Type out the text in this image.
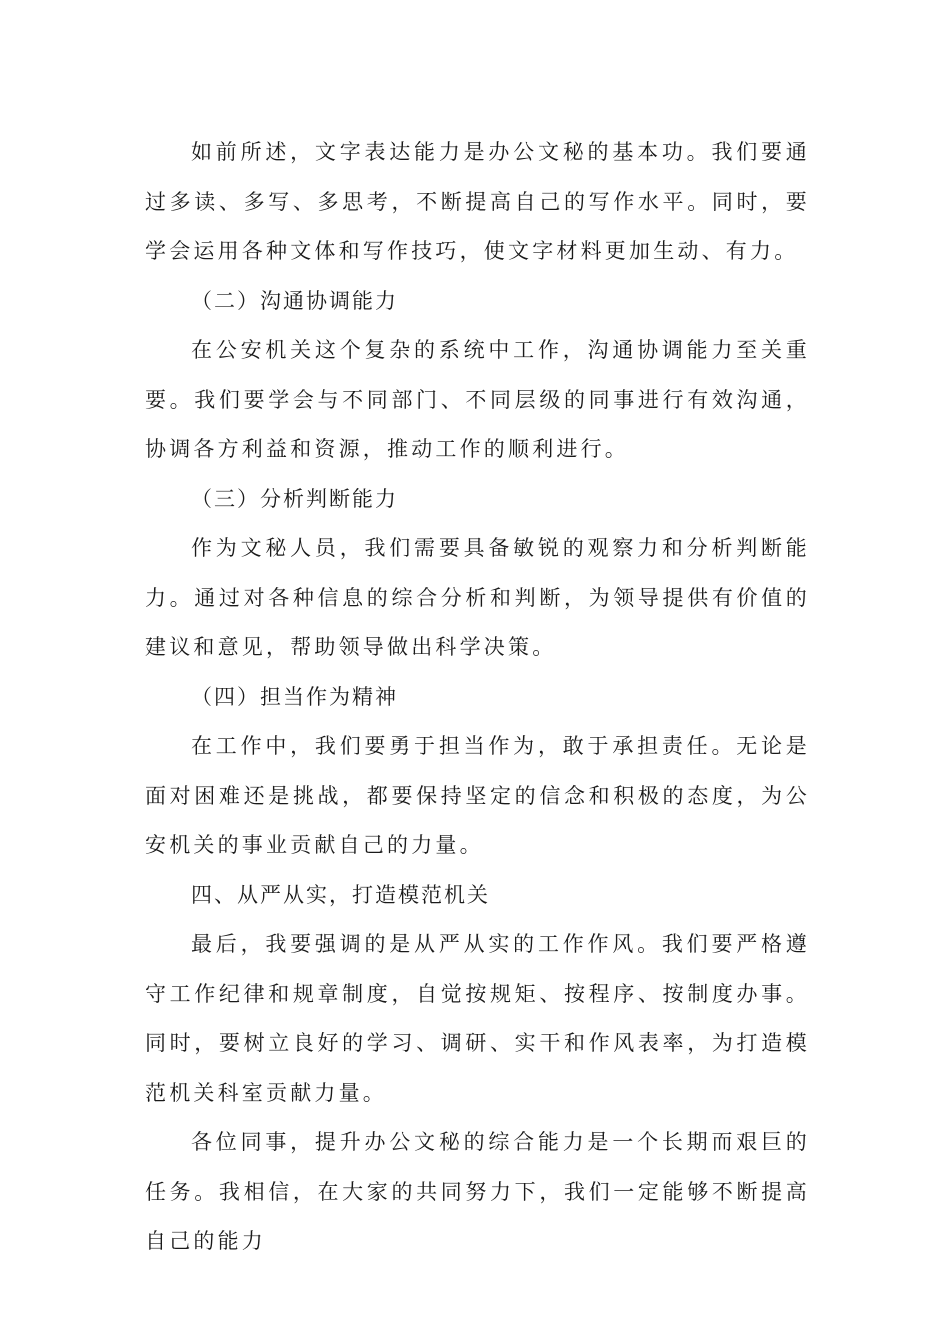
如前所述，文字表达能力是办公文秘的基本功。我们要通过多读、多写、多思考，不断提高自己的写作水平。同时，要学会运用各种文体和写作技巧，使文字材料更加生动、有力。

（二）沟通协调能力

在公安机关这个复杂的系统中工作，沟通协调能力至关重要。我们要学会与不同部门、不同层级的同事进行有效沟通，协调各方利益和资源，推动工作的顺利进行。

（三）分析判断能力

作为文秘人员，我们需要具备敏锐的观察力和分析判断能力。通过对各种信息的综合分析和判断，为领导提供有价值的建议和意见，帮助领导做出科学决策。

（四）担当作为精神

在工作中，我们要勇于担当作为，敢于承担责任。无论是面对困难还是挑战，都要保持坚定的信念和积极的态度，为公安机关的事业贡献自己的力量。

四、从严从实，打造模范机关

最后，我要强调的是从严从实的工作作风。我们要严格遵守工作纪律和规章制度，自觉按规矩、按程序、按制度办事。同时，要树立良好的学习、调研、实干和作风表率，为打造模范机关科室贡献力量。

各位同事，提升办公文秘的综合能力是一个长期而艰巨的任务。我相信，在大家的共同努力下，我们一定能够不断提高自己的能力
